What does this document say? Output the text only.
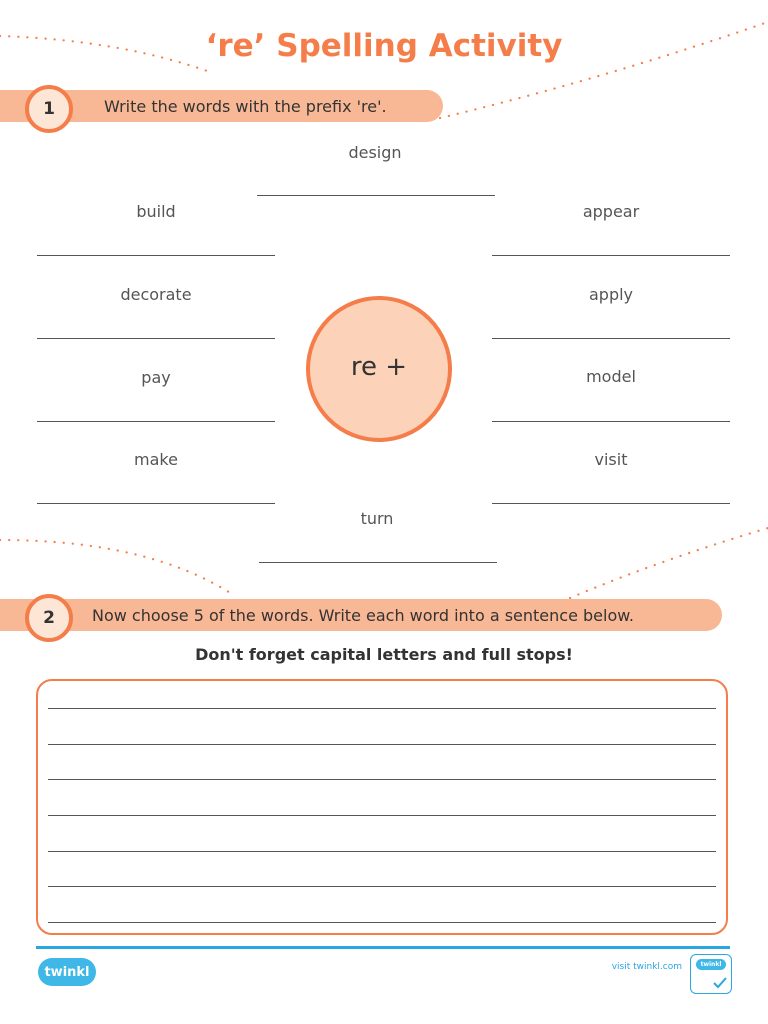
‘re’ Spelling Activity
Write the words with the prefix 're'.
1
design
build	appear
decorate	apply
pay	model
make	visit
turn
re +
Now choose 5 of the words. Write each word into a sentence below.
2
Don't forget capital letters and full stops!
twinkl	visit twinkl.com	twinkl
